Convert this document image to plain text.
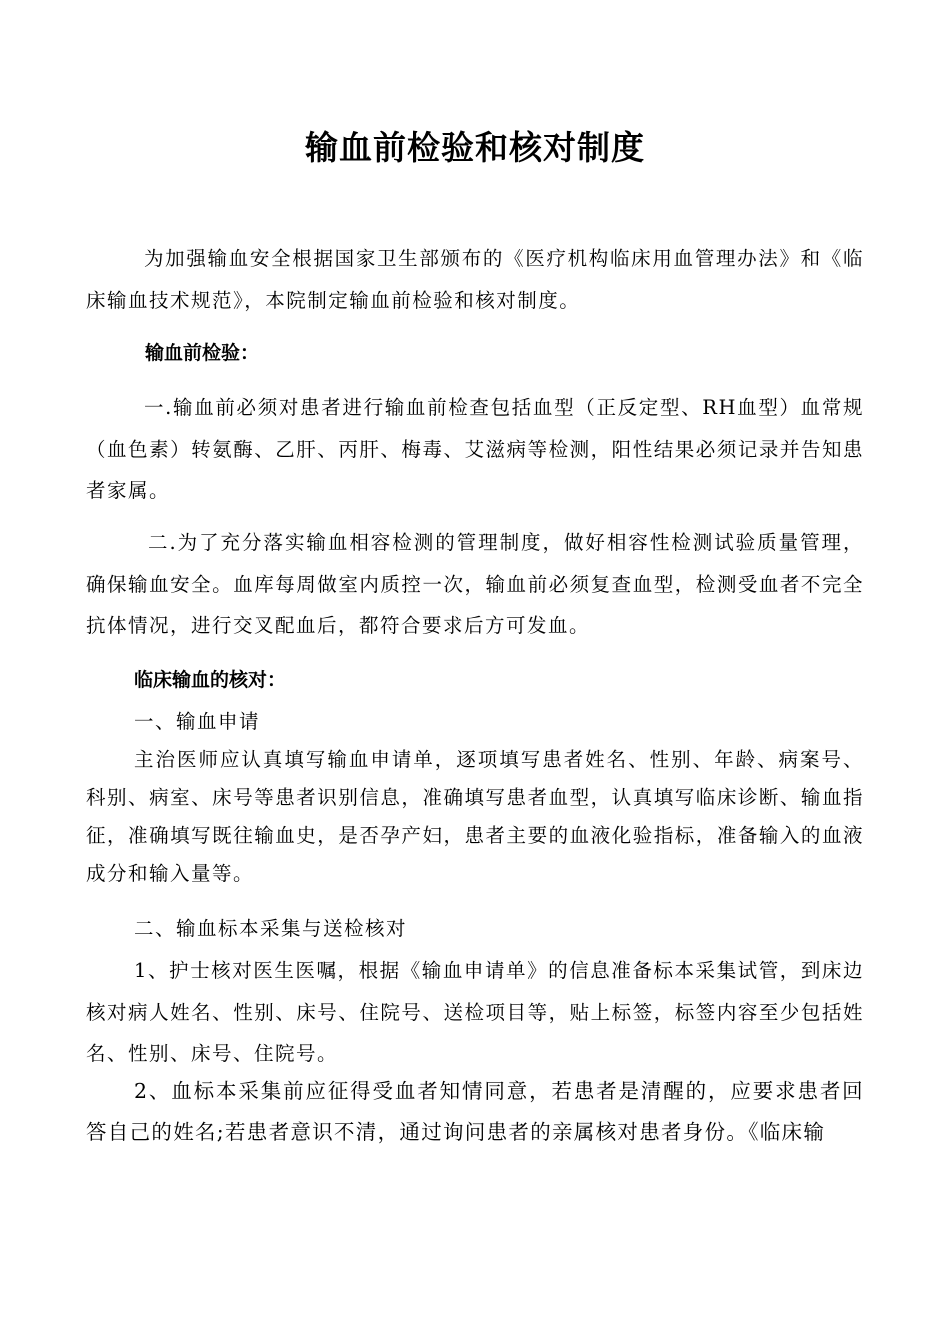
输血前检验和核对制度

为加强输血安全根据国家卫生部颁布的《医疗机构临床用血管理办法》和《临床输血技术规范》，本院制定输血前检验和核对制度。

输血前检验：

一.输血前必须对患者进行输血前检查包括血型（正反定型、RH血型）血常规（血色素）转氨酶、乙肝、丙肝、梅毒、艾滋病等检测，阳性结果必须记录并告知患者家属。

二.为了充分落实输血相容检测的管理制度，做好相容性检测试验质量管理，确保输血安全。血库每周做室内质控一次，输血前必须复查血型，检测受血者不完全抗体情况，进行交叉配血后，都符合要求后方可发血。

临床输血的核对：
一、输血申请

主治医师应认真填写输血申请单，逐项填写患者姓名、性别、年龄、病案号、科别、病室、床号等患者识别信息，准确填写患者血型，认真填写临床诊断、输血指征，准确填写既往输血史，是否孕产妇，患者主要的血液化验指标，准备输入的血液成分和输入量等。

二、输血标本采集与送检核对

1、护士核对医生医嘱，根据《输血申请单》的信息准备标本采集试管，到床边核对病人姓名、性别、床号、住院号、送检项目等，贴上标签，标签内容至少包括姓名、性别、床号、住院号。

2、血标本采集前应征得受血者知情同意，若患者是清醒的，应要求患者回答自己的姓名;若患者意识不清，通过询问患者的亲属核对患者身份。《临床输
